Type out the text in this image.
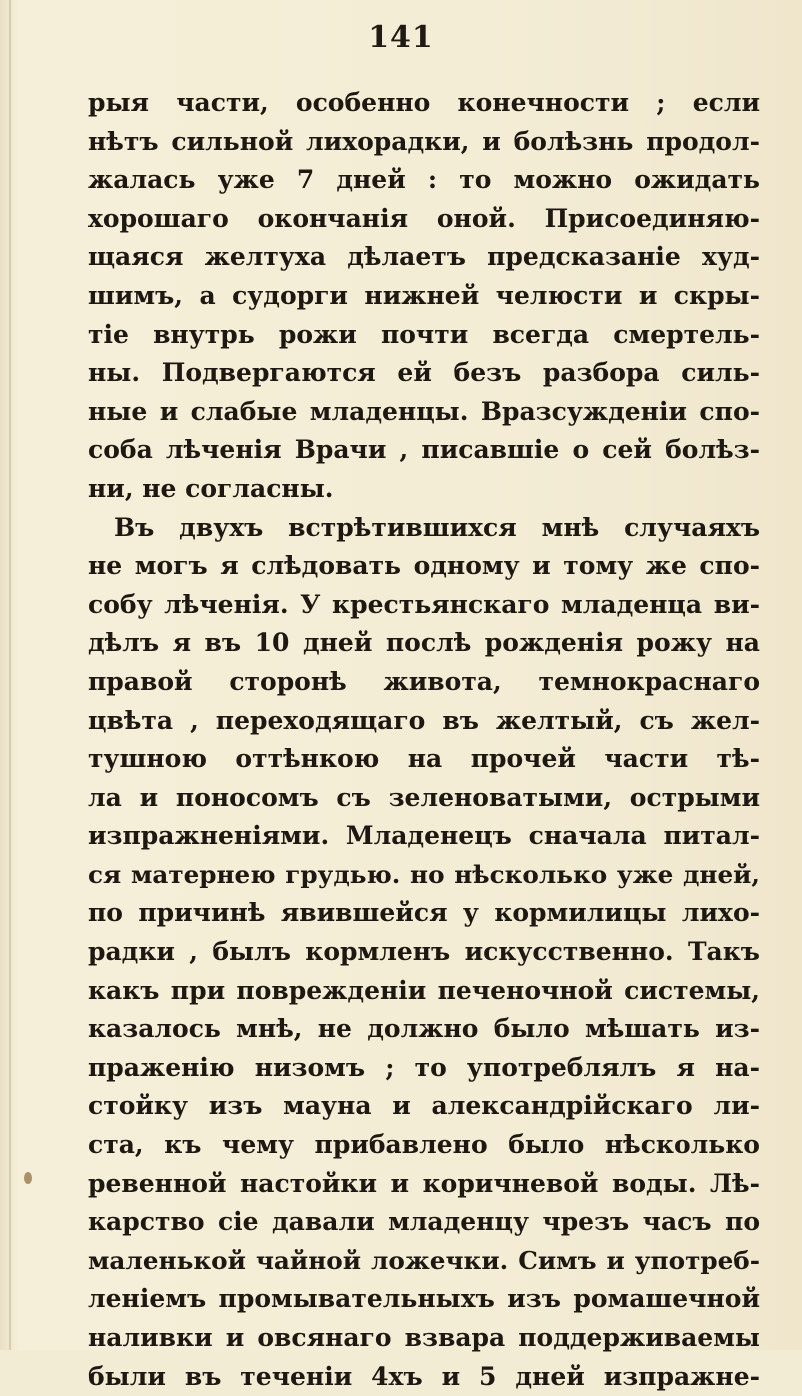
141
рыя части, особенно конечности ; если
нѣтъ сильной лихорадки, и болѣзнь продол-
жалась уже 7 дней : то можно ожидать
хорошаго окончанія оной. Присоединяю-
щаяся желтуха дѣлаетъ предсказаніе худ-
шимъ, а судорги нижней челюсти и скры-
тіе внутрь рожи почти всегда смертель-
ны. Подвергаются ей безъ разбора силь-
ные и слабые младенцы. Вразсужденіи спо-
соба лѣченія Врачи , писавшіе о сей болѣз-
ни, не согласны.
Въ двухъ встрѣтившихся мнѣ случаяхъ
не могъ я слѣдовать одному и тому же спо-
собу лѣченія. У крестьянскаго младенца ви-
дѣлъ я въ 10 дней послѣ рожденія рожу на
правой сторонѣ живота, темнокраснаго
цвѣта , переходящаго въ желтый, съ жел-
тушною оттѣнкою на прочей части тѣ-
ла и поносомъ съ зеленоватыми, острыми
изпражненіями. Младенецъ сначала питал-
ся матернею грудью. но нѣсколько уже дней,
по причинѣ явившейся у кормилицы лихо-
радки , былъ кормленъ искусственно. Такъ
какъ при поврежденіи печеночной системы,
казалось мнѣ, не должно было мѣшать из-
праженію низомъ ; то употреблялъ я на-
стойку изъ мауна и александрійскаго ли-
ста, къ чему прибавлено было нѣсколько
ревенной настойки и коричневой воды. Лѣ-
карство сіе давали младенцу чрезъ часъ по
маленькой чайной ложечки. Симъ и употреб-
леніемъ промывательныхъ изъ ромашечной
наливки и овсянаго взвара поддерживаемы
были въ теченіи 4хъ и 5 дней изпражне-
